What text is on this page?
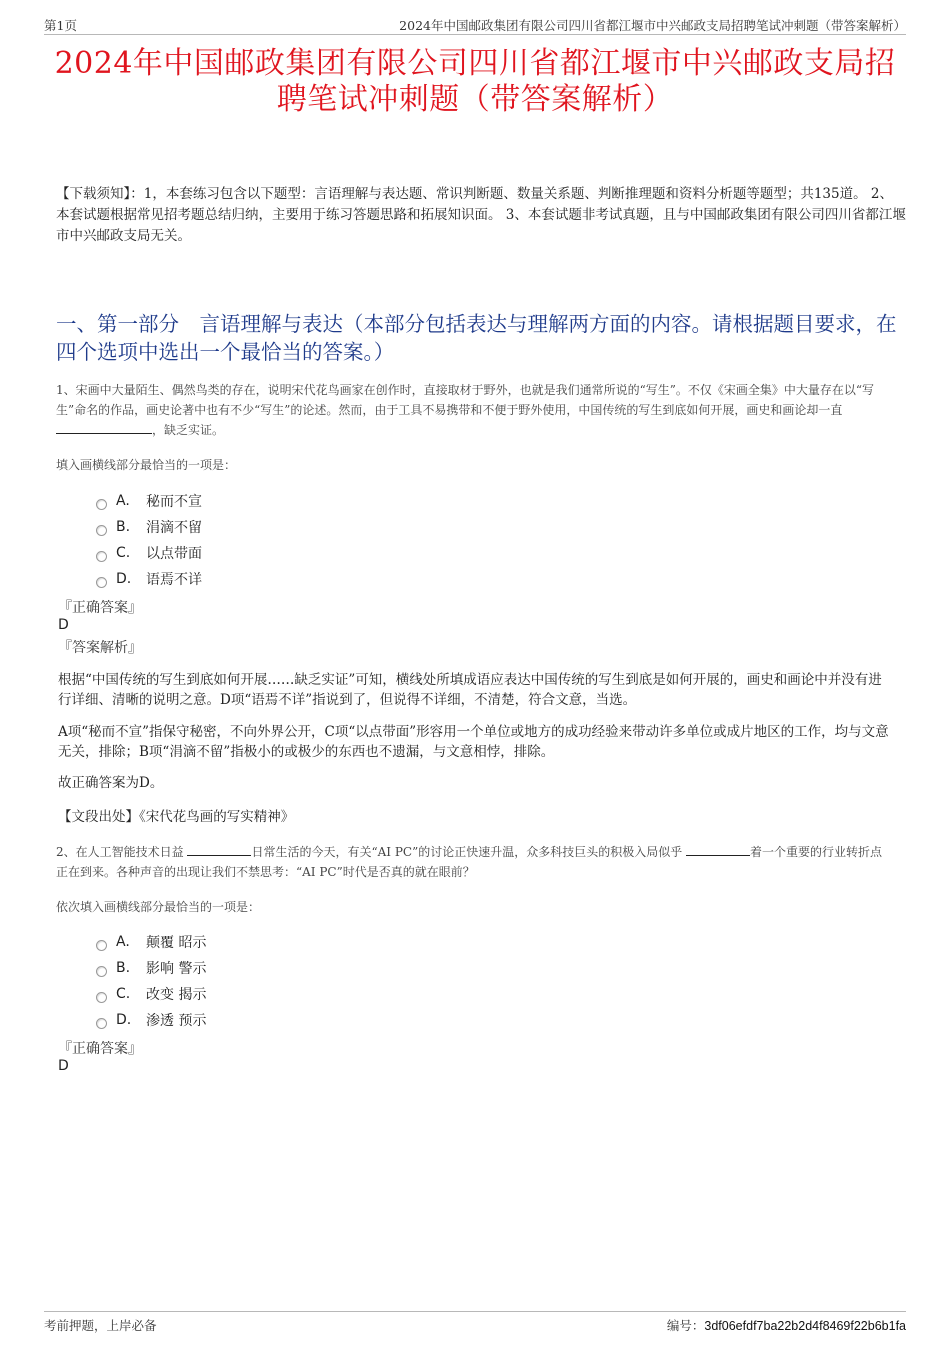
第1页	2024年中国邮政集团有限公司四川省都江堰市中兴邮政支局招聘笔试冲刺题（带答案解析）
2024年中国邮政集团有限公司四川省都江堰市中兴邮政支局招
聘笔试冲刺题（带答案解析）
【下载须知】：1，本套练习包含以下题型：言语理解与表达题、常识判断题、数量关系题、判断推理题和资料分析题等题型；共135道。 2、本套试题根据常见招考题总结归纳，主要用于练习答题思路和拓展知识面。 3、本套试题非考试真题，且与中国邮政集团有限公司四川省都江堰市中兴邮政支局无关。
一、第一部分　言语理解与表达（本部分包括表达与理解两方面的内容。请根据题目要求，在四个选项中选出一个最恰当的答案。）
1、宋画中大量陌生、偶然鸟类的存在，说明宋代花鸟画家在创作时，直接取材于野外，也就是我们通常所说的“写生”。不仅《宋画全集》中大量存在以“写生”命名的作品，画史论著中也有不少“写生”的论述。然而，由于工具不易携带和不便于野外使用，中国传统的写生到底如何开展，画史和画论却一直 ，缺乏实证。
填入画横线部分最恰当的一项是：
A.	秘而不宣
B.	涓滴不留
C.	以点带面
D.	语焉不详
『正确答案』
D
『答案解析』
根据“中国传统的写生到底如何开展……缺乏实证”可知，横线处所填成语应表达中国传统的写生到底是如何开展的，画史和画论中并没有进行详细、清晰的说明之意。D项“语焉不详”指说到了，但说得不详细，不清楚，符合文意，当选。
A项“秘而不宣”指保守秘密，不向外界公开，C项“以点带面”形容用一个单位或地方的成功经验来带动许多单位或成片地区的工作，均与文意无关，排除；B项“涓滴不留”指极小的或极少的东西也不遗漏，与文意相悖，排除。
故正确答案为D。
【文段出处】《宋代花鸟画的写实精神》
2、在人工智能技术日益	日常生活的今天，有关“AI PC”的讨论正快速升温，众多科技巨头的积极入局似乎	着一个重要的行业转折点正在到来。各种声音的出现让我们不禁思考：“AI PC”时代是否真的就在眼前？
依次填入画横线部分最恰当的一项是：
A.	颠覆 昭示
B.	影响 警示
C.	改变 揭示
D.	渗透 预示
『正确答案』
D
考前押题，上岸必备	编号：3df06efdf7ba22b2d4f8469f22b6b1fa
